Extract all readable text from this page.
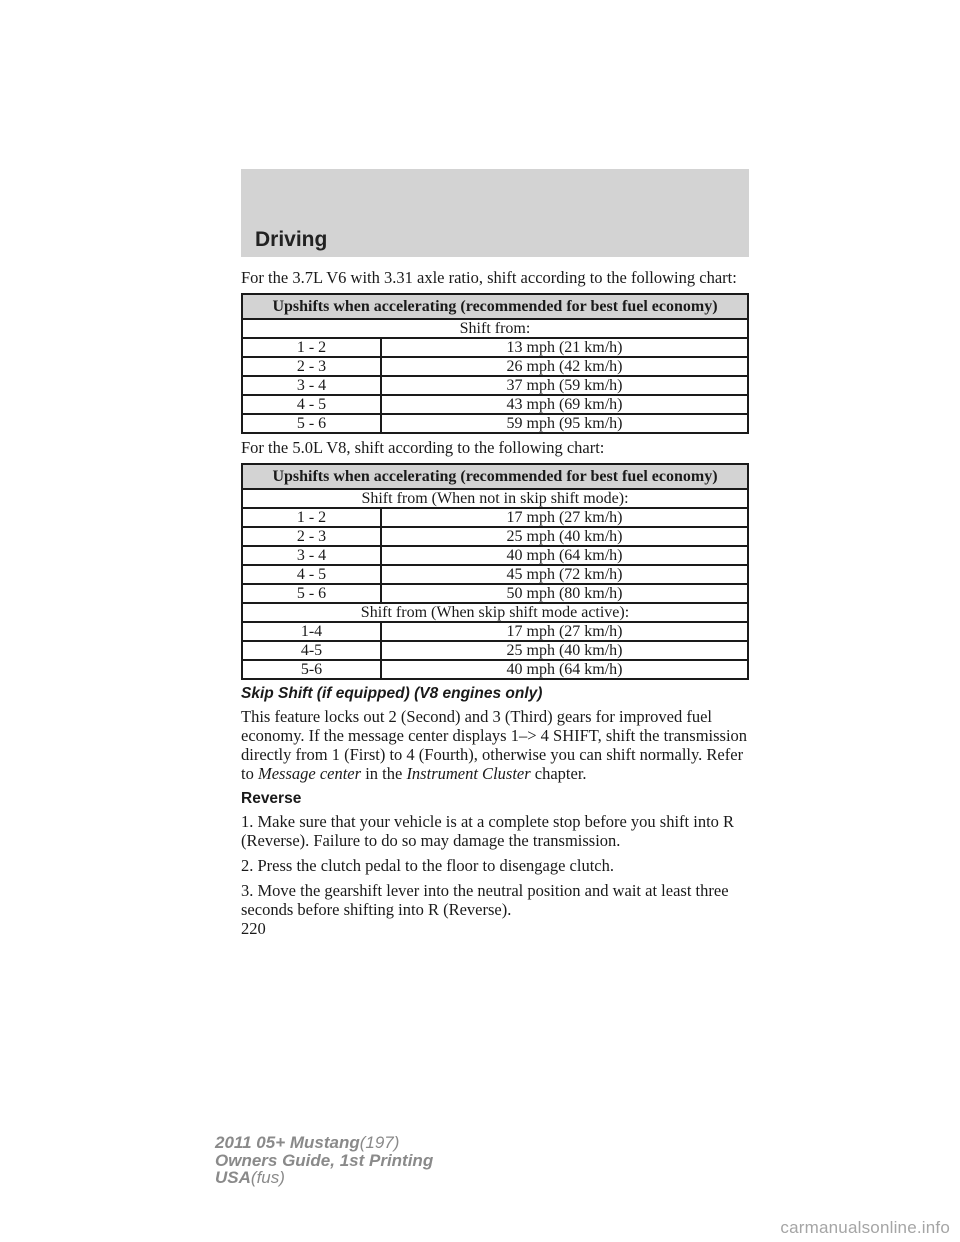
Driving

For the 3.7L V6 with 3.31 axle ratio, shift according to the following chart:

Upshifts when accelerating (recommended for best fuel economy)	
Shift from:	
1 - 2	13 mph (21 km/h)
2 - 3	26 mph (42 km/h)
3 - 4	37 mph (59 km/h)
4 - 5	43 mph (69 km/h)
5 - 6	59 mph (95 km/h)

For the 5.0L V8, shift according to the following chart:

Upshifts when accelerating (recommended for best fuel economy)	
Shift from (When not in skip shift mode):	
1 - 2	17 mph (27 km/h)
2 - 3	25 mph (40 km/h)
3 - 4	40 mph (64 km/h)
4 - 5	45 mph (72 km/h)
5 - 6	50 mph (80 km/h)
Shift from (When skip shift mode active):	
1-4	17 mph (27 km/h)
4-5	25 mph (40 km/h)
5-6	40 mph (64 km/h)

Skip Shift (if equipped) (V8 engines only)

This feature locks out 2 (Second) and 3 (Third) gears for improved fuel economy. If the message center displays 1–> 4 SHIFT, shift the transmission directly from 1 (First) to 4 (Fourth), otherwise you can shift normally. Refer to Message center in the Instrument Cluster chapter.

Reverse

1. Make sure that your vehicle is at a complete stop before you shift into R (Reverse). Failure to do so may damage the transmission.

2. Press the clutch pedal to the floor to disengage clutch.

3. Move the gearshift lever into the neutral position and wait at least three seconds before shifting into R (Reverse).

220
2011 05+ Mustang(197)
Owners Guide, 1st Printing
USA(fus)
carmanualsonline.info
